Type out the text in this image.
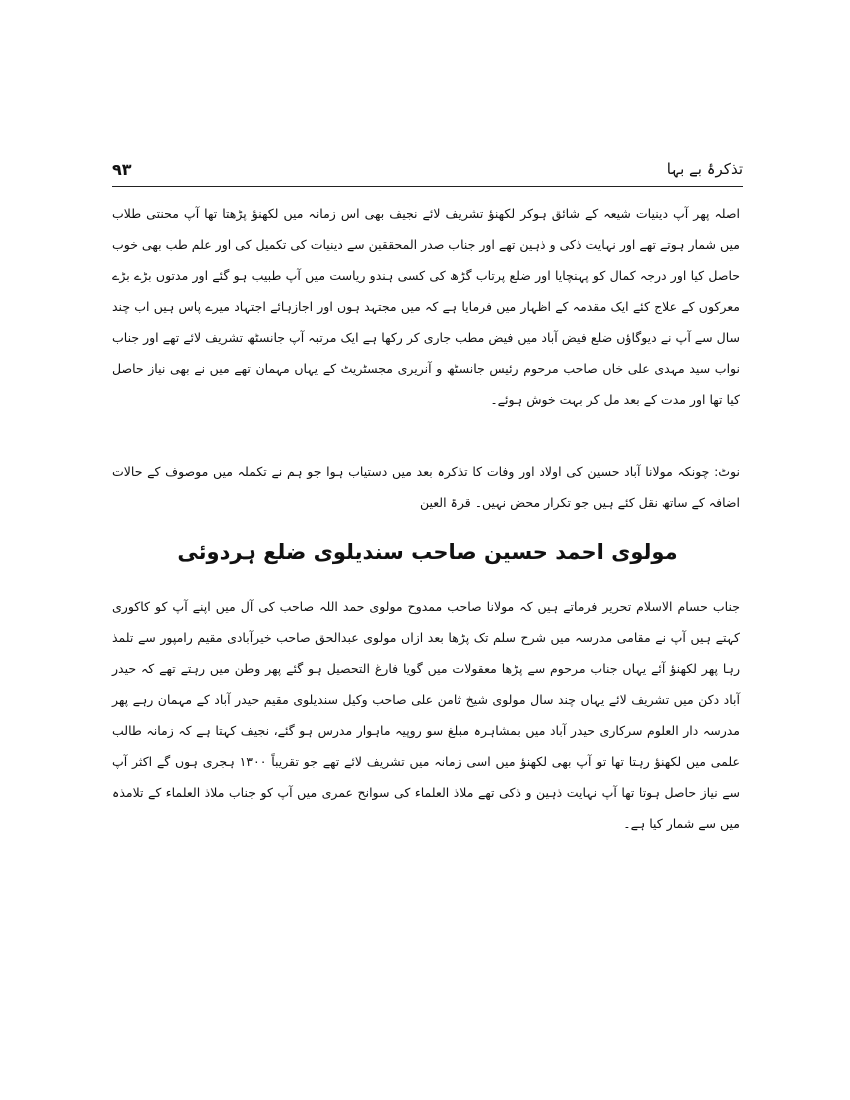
۹۳	تذکرۂ بے بہا

اصلہ پھر آپ دینیات شیعہ کے شائق ہوکر لکھنؤ تشریف لائے نجیف بھی اس زمانہ میں لکھنؤ پڑھتا تھا آپ محنتی طلاب میں شمار ہوتے تھے اور نہایت ذکی و ذہین تھے اور جناب صدر المحققین سے دینیات کی تکمیل کی اور علم طب بھی خوب حاصل کیا اور درجہ کمال کو پہنچایا اور ضلع پرتاب گڑھ کی کسی ہندو ریاست میں آپ طبیب ہو گئے اور مدتوں بڑے بڑے معرکوں کے علاج کئے ایک مقدمہ کے اظہار میں فرمایا ہے کہ میں مجتہد ہوں اور اجازہائے اجتہاد میرے پاس ہیں اب چند سال سے آپ نے دیوگاؤں ضلع فیض آباد میں فیض مطب جاری کر رکھا ہے ایک مرتبہ آپ جانسٹھ تشریف لائے تھے اور جناب نواب سید مہدی علی خاں صاحب مرحوم رئیس جانسٹھ و آنریری مجسٹریٹ کے یہاں مہمان تھے میں نے بھی نیاز حاصل کیا تھا اور مدت کے بعد مل کر بہت خوش ہوئے۔

نوٹ: چونکہ مولانا آباد حسین کی اولاد اور وفات کا تذکرہ بعد میں دستیاب ہوا جو ہم نے تکملہ میں موصوف کے حالات اضافہ کے ساتھ نقل کئے ہیں جو تکرار محض نہیں۔ قرۃ العین

مولوی احمد حسین صاحب سندیلوی ضلع ہردوئی

جناب حسام الاسلام تحریر فرماتے ہیں کہ مولانا صاحب ممدوح مولوی حمد اللہ صاحب کی آل میں اپنے آپ کو کاکوری کہتے ہیں آپ نے مقامی مدرسہ میں شرح سلم تک پڑھا بعد ازاں مولوی عبدالحق صاحب خیرآبادی مقیم رامپور سے تلمذ رہا پھر لکھنؤ آئے یہاں جناب مرحوم سے پڑھا معقولات میں گویا فارغ التحصیل ہو گئے پھر وطن میں رہتے تھے کہ حیدر آباد دکن میں تشریف لائے یہاں چند سال مولوی شیخ ثامن علی صاحب وکیل سندیلوی مقیم حیدر آباد کے مہمان رہے پھر مدرسہ دار العلوم سرکاری حیدر آباد میں بمشاہرہ مبلغ سو روپیہ ماہوار مدرس ہو گئے، نجیف کہتا ہے کہ زمانہ طالب علمی میں لکھنؤ رہتا تھا تو آپ بھی لکھنؤ میں اسی زمانہ میں تشریف لائے تھے جو تقریباً ۱۳۰۰ ہجری ہوں گے اکثر آپ سے نیاز حاصل ہوتا تھا آپ نہایت ذہین و ذکی تھے ملاذ العلماء کی سوانح عمری میں آپ کو جناب ملاذ العلماء کے تلامذہ میں سے شمار کیا ہے۔
